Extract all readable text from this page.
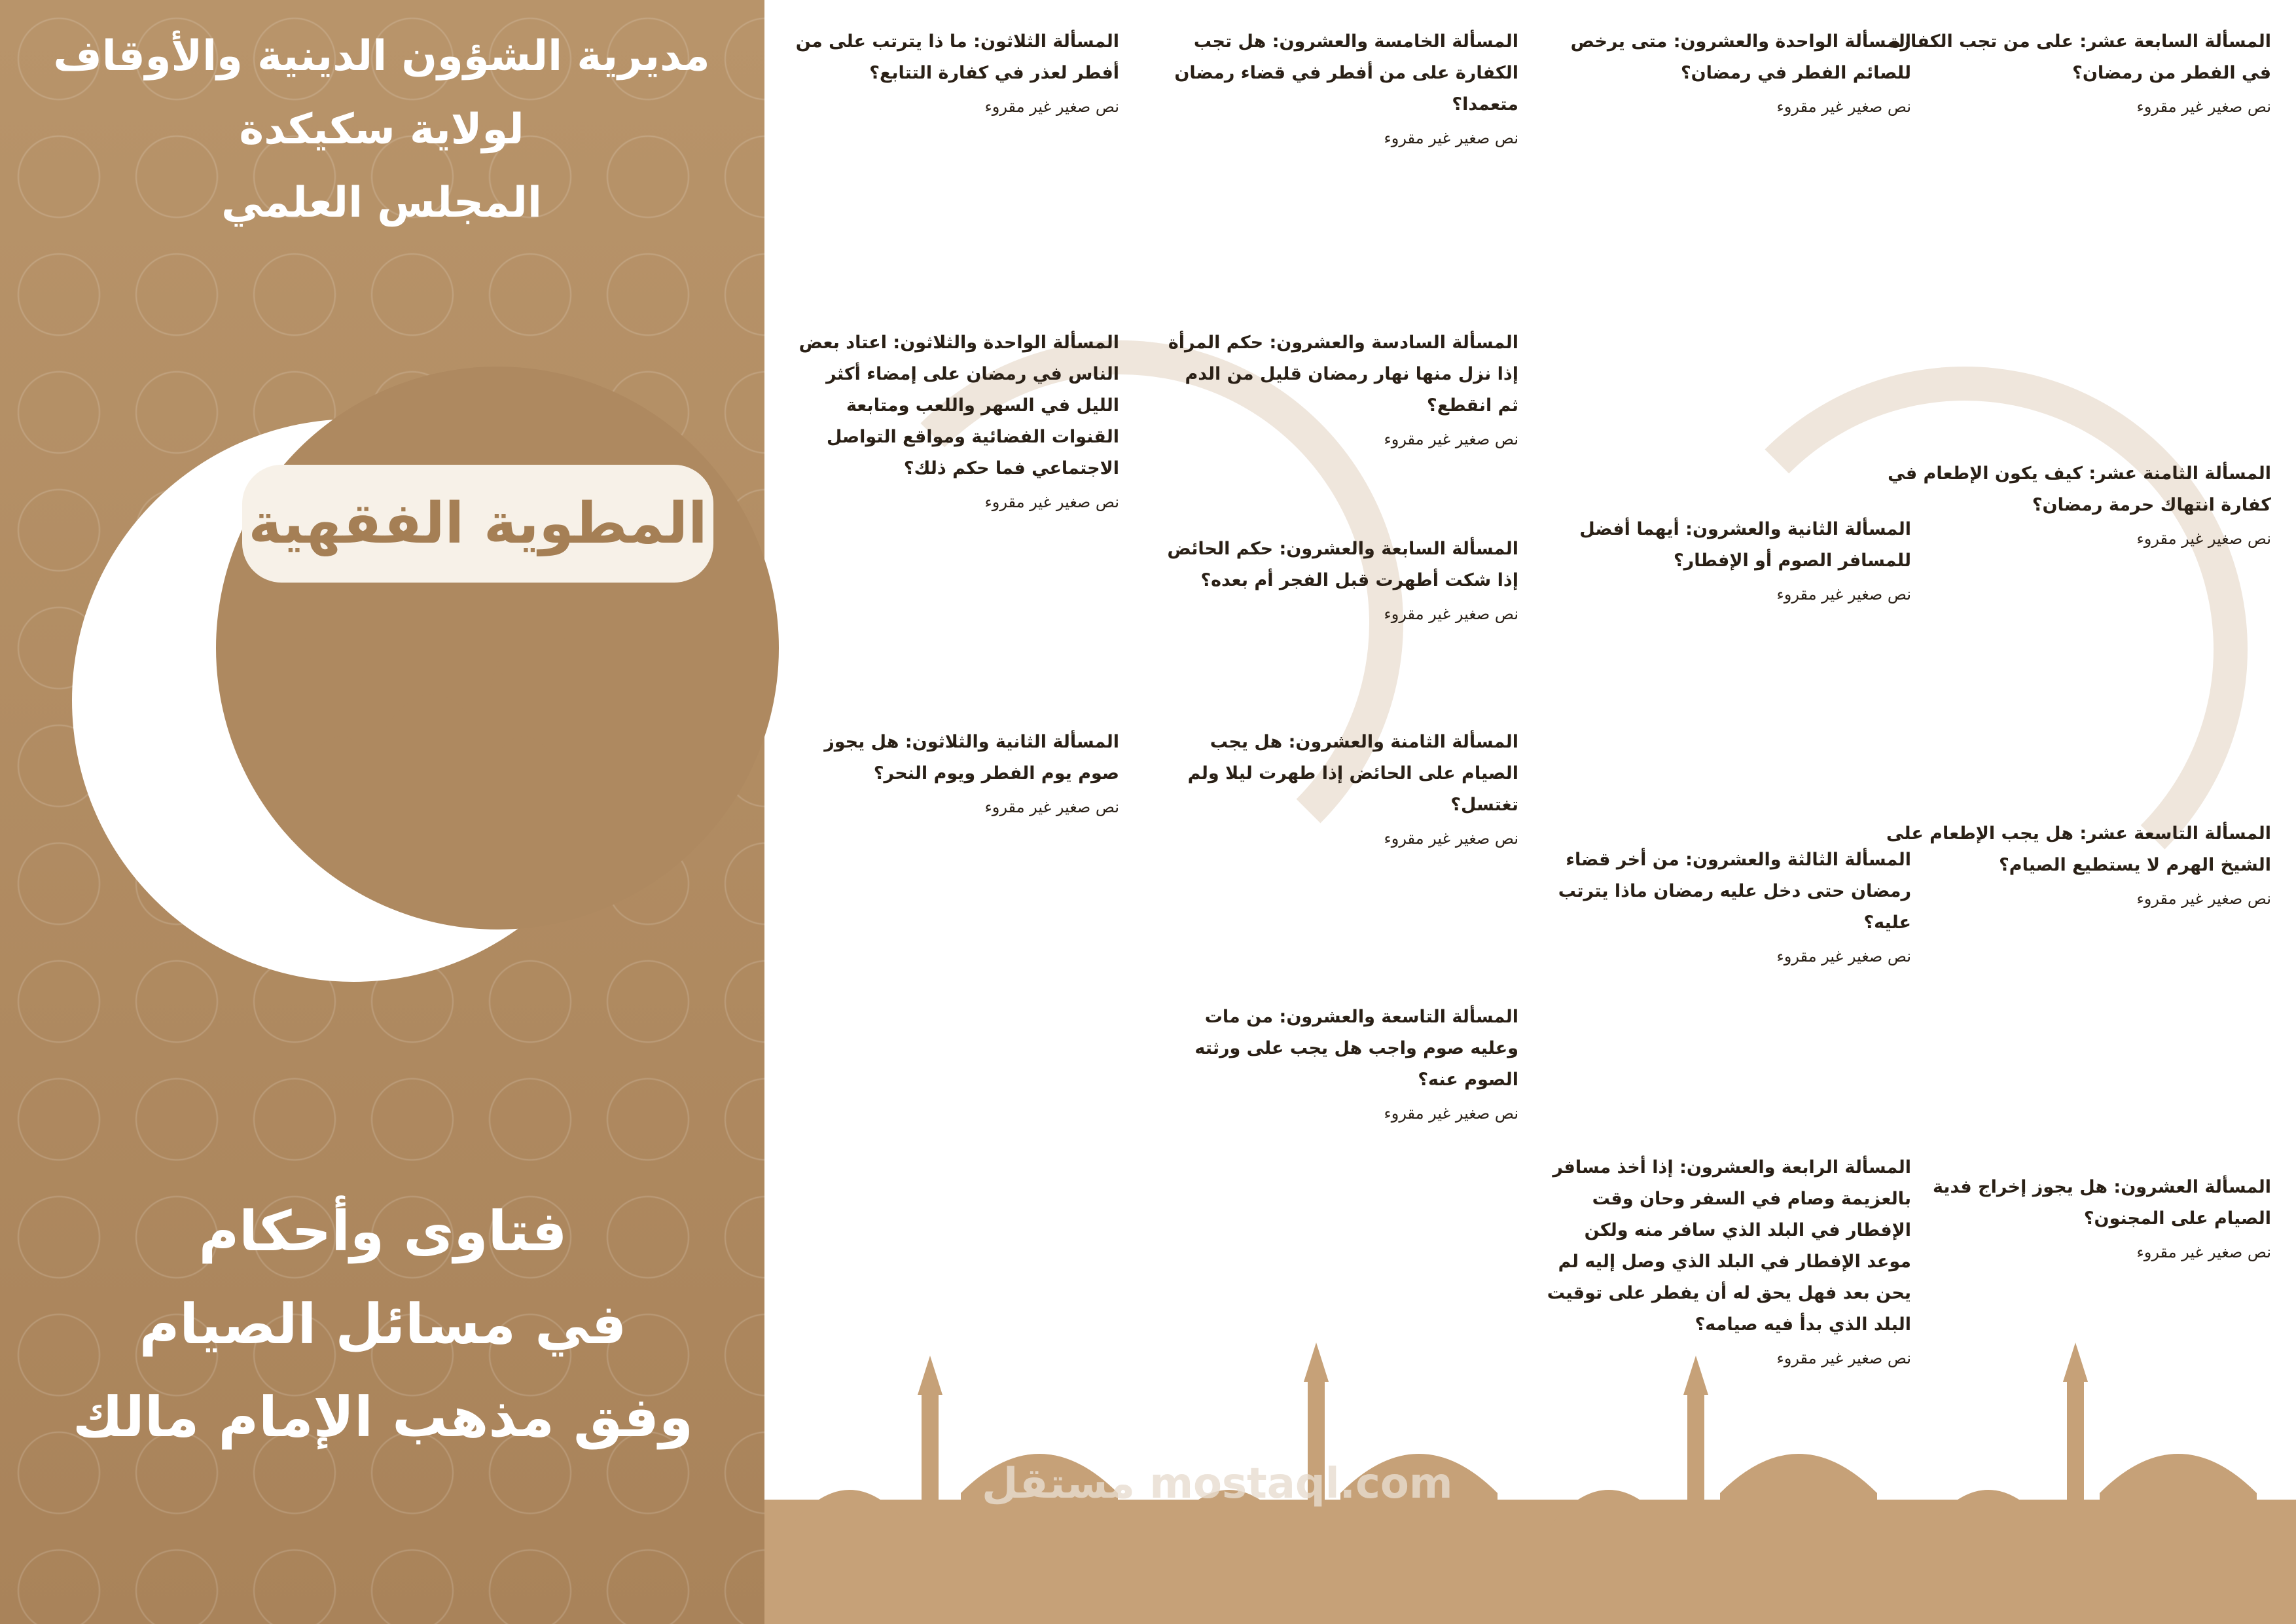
مديرية الشؤون الدينية والأوقاف
لولاية سكيكدة
المجلس العلمي
المطوية الفقهية
فتاوى وأحكام
في مسائل الصيام
وفق مذهب الإمام مالك
المسألة الثلاثون: ما ذا يترتب على من أفطر لعذر في كفارة التتابع؟

نص صغير غير مقروء

المسألة الواحدة والثلاثون: اعتاد بعض الناس في رمضان على إمضاء أكثر الليل في السهر واللعب ومتابعة القنوات الفضائية ومواقع التواصل الاجتماعي فما حكم ذلك؟

نص صغير غير مقروء

المسألة الثانية والثلاثون: هل يجوز صوم يوم الفطر ويوم النحر؟

نص صغير غير مقروء

المسألة الخامسة والعشرون: هل تجب الكفارة على من أفطر في قضاء رمضان متعمدا؟

نص صغير غير مقروء

المسألة السادسة والعشرون: حكم المرأة إذا نزل منها نهار رمضان قليل من الدم ثم انقطع؟

نص صغير غير مقروء

المسألة السابعة والعشرون: حكم الحائض إذا شكت أطهرت قبل الفجر أم بعده؟

نص صغير غير مقروء

المسألة الثامنة والعشرون: هل يجب الصيام على الحائض إذا طهرت ليلا ولم تغتسل؟

نص صغير غير مقروء

المسألة التاسعة والعشرون: من مات وعليه صوم واجب هل يجب على ورثته الصوم عنه؟

نص صغير غير مقروء

المسألة الواحدة والعشرون: متى يرخص للصائم الفطر في رمضان؟

نص صغير غير مقروء

المسألة الثانية والعشرون: أيهما أفضل للمسافر الصوم أو الإفطار؟

نص صغير غير مقروء

المسألة الثالثة والعشرون: من أخر قضاء رمضان حتى دخل عليه رمضان ماذا يترتب عليه؟

نص صغير غير مقروء

المسألة الرابعة والعشرون: إذا أخذ مسافر بالعزيمة وصام في السفر وحان وقت الإفطار في البلد الذي سافر منه ولكن موعد الإفطار في البلد الذي وصل إليه لم يحن بعد فهل يحق له أن يفطر على توقيت البلد الذي بدأ فيه صيامه؟

نص صغير غير مقروء

المسألة السابعة عشر: على من تجب الكفارة في الفطر من رمضان؟

نص صغير غير مقروء

المسألة الثامنة عشر: كيف يكون الإطعام في كفارة انتهاك حرمة رمضان؟

نص صغير غير مقروء

المسألة التاسعة عشر: هل يجب الإطعام على الشيخ الهرم لا يستطيع الصيام؟

نص صغير غير مقروء

المسألة العشرون: هل يجوز إخراج فدية الصيام على المجنون؟

نص صغير غير مقروء

مستقل mostaql.com
